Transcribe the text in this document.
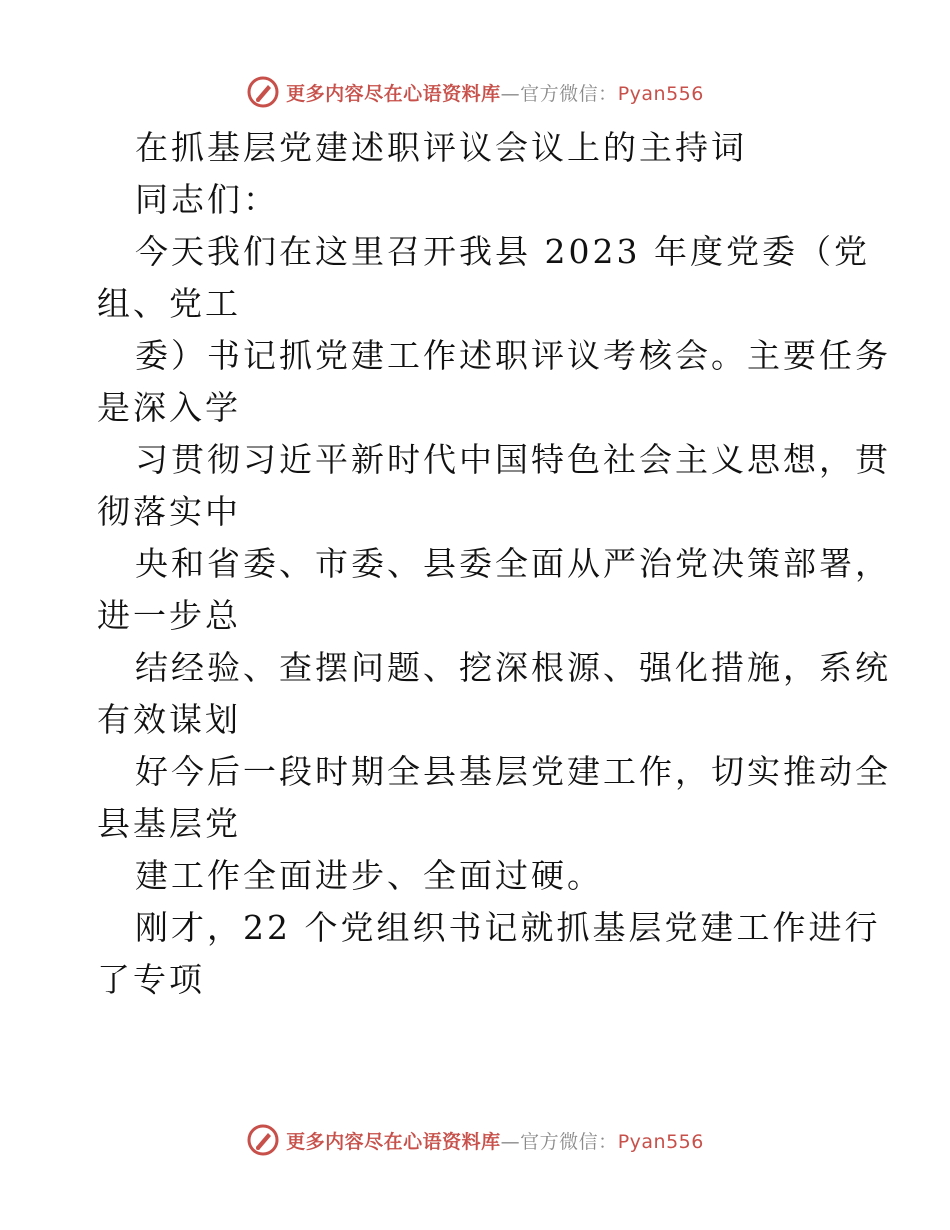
更多内容尽在心语资料库—官方微信：Pyan556
在抓基层党建述职评议会议上的主持词
同志们：
今天我们在这里召开我县 2023 年度党委（党
组、党工
委）书记抓党建工作述职评议考核会。主要任务
是深入学
习贯彻习近平新时代中国特色社会主义思想，贯
彻落实中
央和省委、市委、县委全面从严治党决策部署，
进一步总
结经验、查摆问题、挖深根源、强化措施，系统
有效谋划
好今后一段时期全县基层党建工作，切实推动全
县基层党
建工作全面进步、全面过硬。
刚才，22 个党组织书记就抓基层党建工作进行
了专项
更多内容尽在心语资料库—官方微信：Pyan556
